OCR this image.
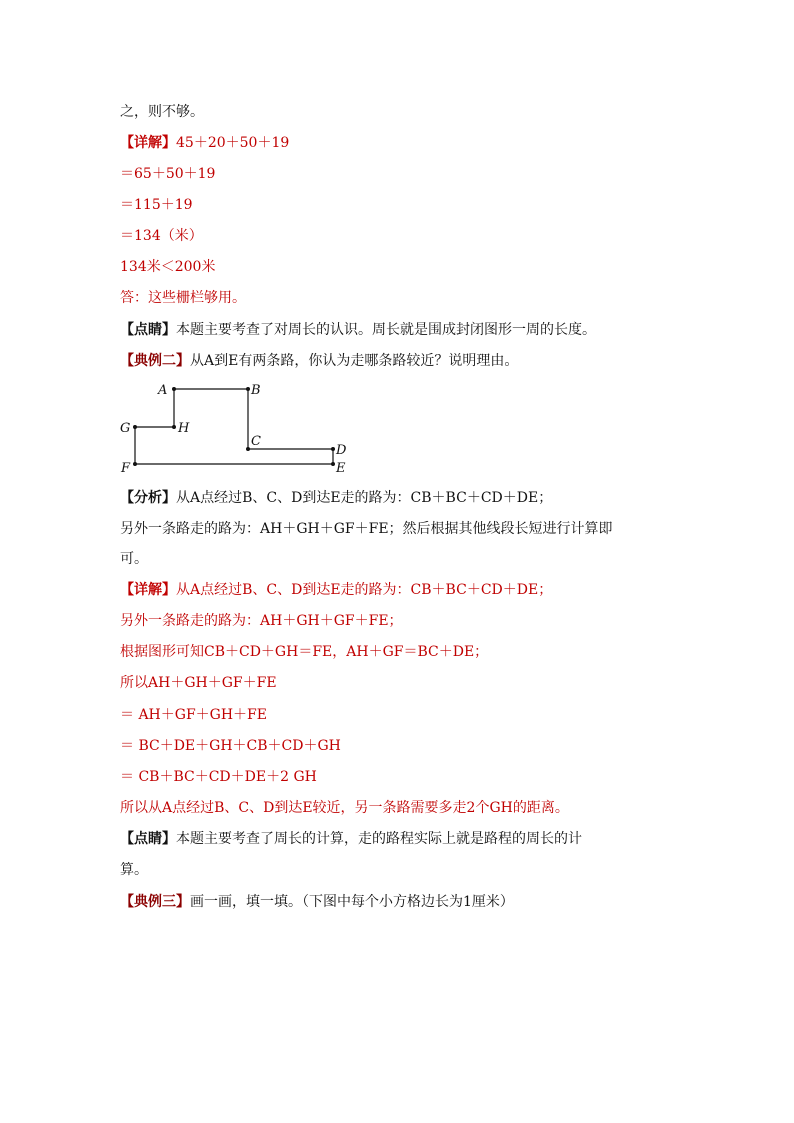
之，则不够。
【详解】45＋20＋50＋19
＝65＋50＋19
＝115＋19
＝134（米）
134米＜200米
答：这些栅栏够用。
【点睛】本题主要考查了对周长的认识。周长就是围成封闭图形一周的长度。
【典例二】从A到E有两条路，你认为走哪条路较近？说明理由。
【分析】从A点经过B、C、D到达E走的路为：CB＋BC＋CD＋DE；
另外一条路走的路为：AH＋GH＋GF＋FE；然后根据其他线段长短进行计算即
可。
【详解】从A点经过B、C、D到达E走的路为：CB＋BC＋CD＋DE；
另外一条路走的路为：AH＋GH＋GF＋FE；
根据图形可知CB＋CD＋GH＝FE，AH＋GF＝BC＋DE；
所以AH＋GH＋GF＋FE
＝ AH＋GF＋GH＋FE
＝ BC＋DE＋GH＋CB＋CD＋GH
＝ CB＋BC＋CD＋DE＋2 GH
所以从A点经过B、C、D到达E较近，另一条路需要多走2个GH的距离。
【点睛】本题主要考查了周长的计算，走的路程实际上就是路程的周长的计
算。
【典例三】画一画，填一填。（下图中每个小方格边长为1厘米）
A	B
C
D
E
F
G	H
